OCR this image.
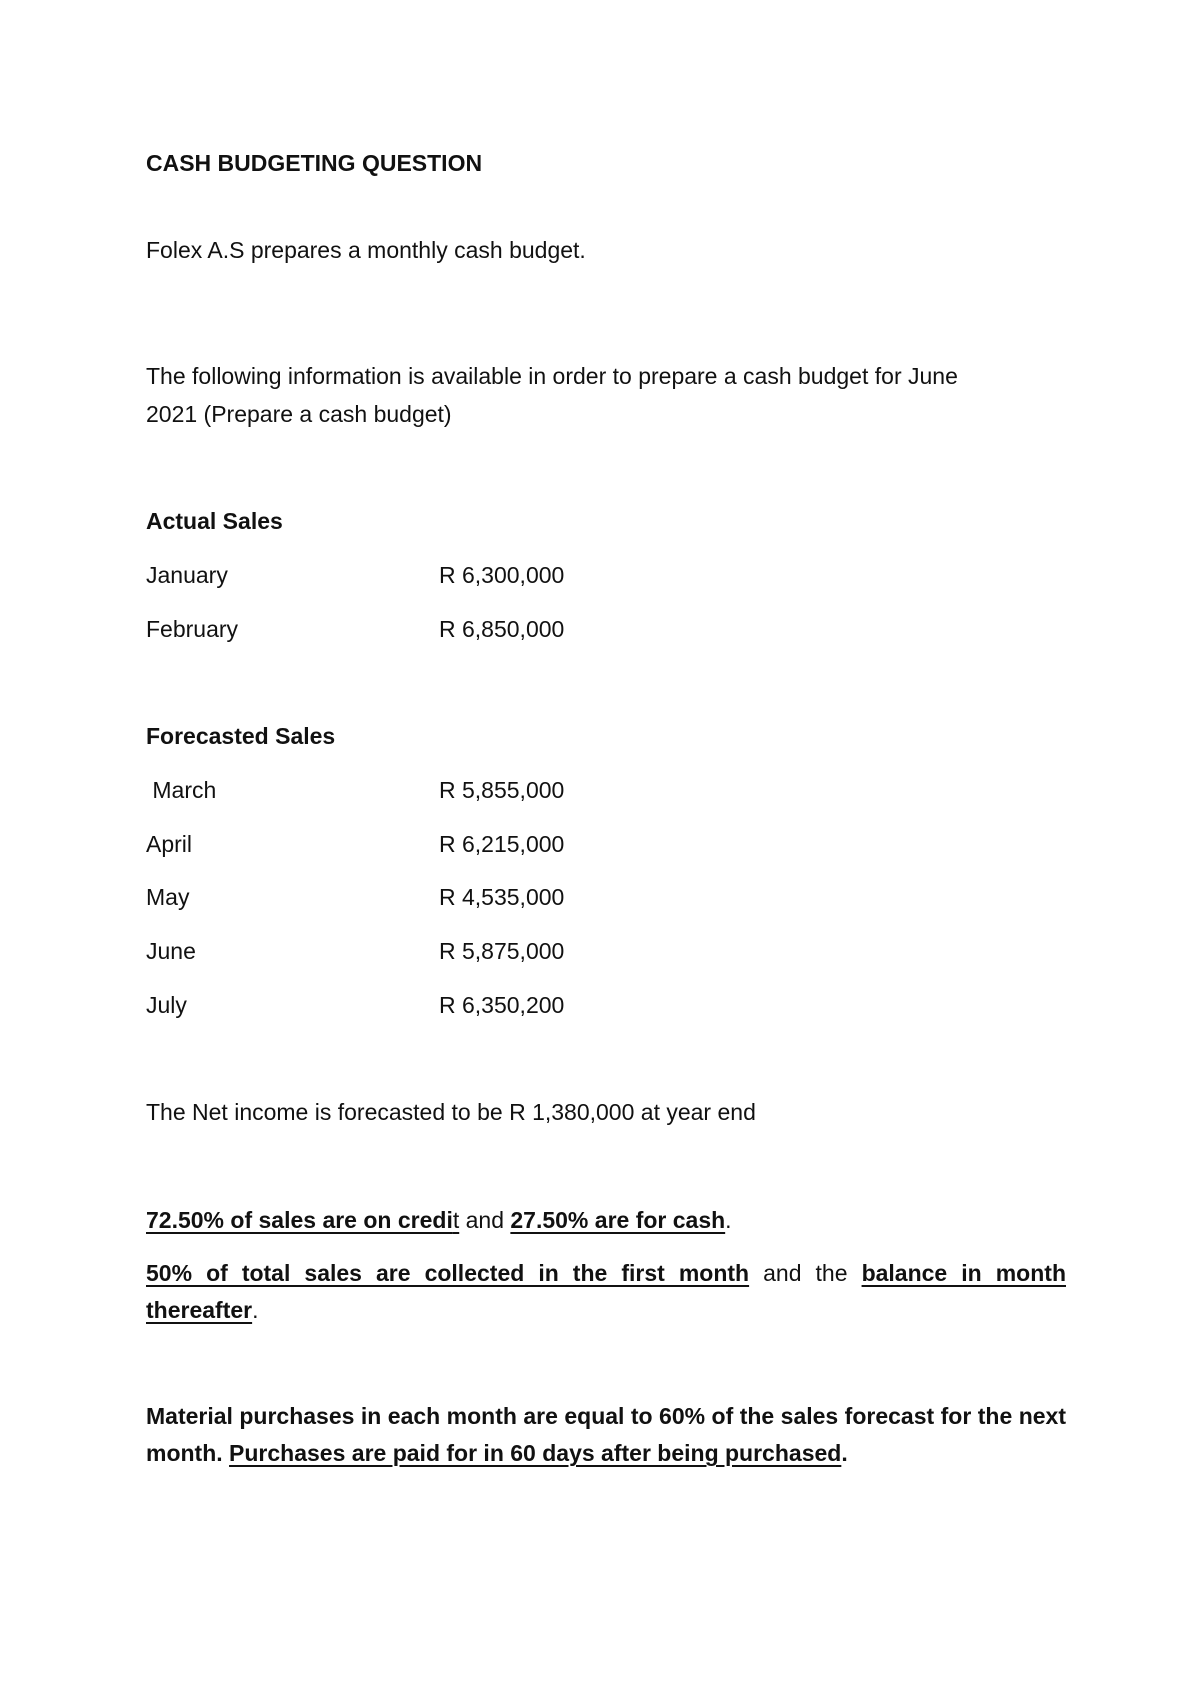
CASH BUDGETING QUESTION
Folex A.S prepares a monthly cash budget.
The following information is available in order to prepare a cash budget for June
2021 (Prepare a cash budget)
Actual Sales
January	R 6,300,000
February	R 6,850,000
Forecasted Sales
March	R 5,855,000
April	R 6,215,000
May	R 4,535,000
June	R 5,875,000
July	R 6,350,200
The Net income is forecasted to be R 1,380,000 at year end
72.50% of sales are on credit and 27.50% are for cash.
50% of total sales are collected in the first month and the balance in month thereafter.
Material purchases in each month are equal to 60% of the sales forecast for the next month. Purchases are paid for in 60 days after being purchased.
